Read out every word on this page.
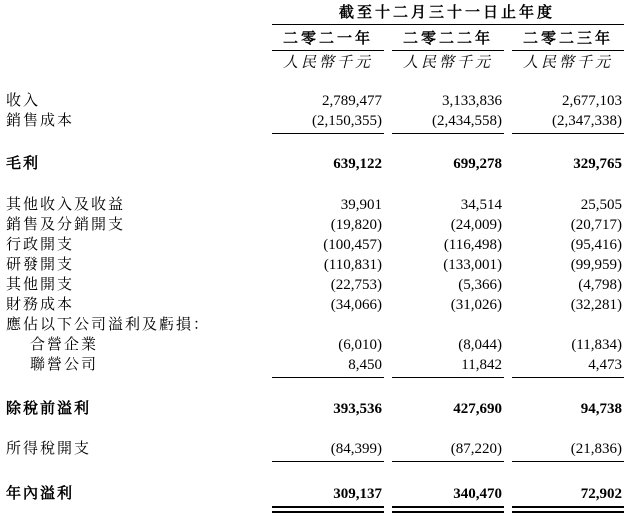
截至十二月三十一日止年度
二零二一年	二零二二年	二零二三年
人民幣千元	人民幣千元	人民幣千元
收入	2,789,477	3,133,836	2,677,103
銷售成本	(2,150,355)	(2,434,558)	(2,347,338)
毛利	639,122	699,278	329,765
其他收入及收益	39,901	34,514	25,505
銷售及分銷開支	(19,820)	(24,009)	(20,717)
行政開支	(100,457)	(116,498)	(95,416)
研發開支	(110,831)	(133,001)	(99,959)
其他開支	(22,753)	(5,366)	(4,798)
財務成本	(34,066)	(31,026)	(32,281)
應佔以下公司溢利及虧損：
合營企業	(6,010)	(8,044)	(11,834)
聯營公司	8,450	11,842	4,473
除稅前溢利	393,536	427,690	94,738
所得稅開支	(84,399)	(87,220)	(21,836)
年內溢利	309,137	340,470	72,902
